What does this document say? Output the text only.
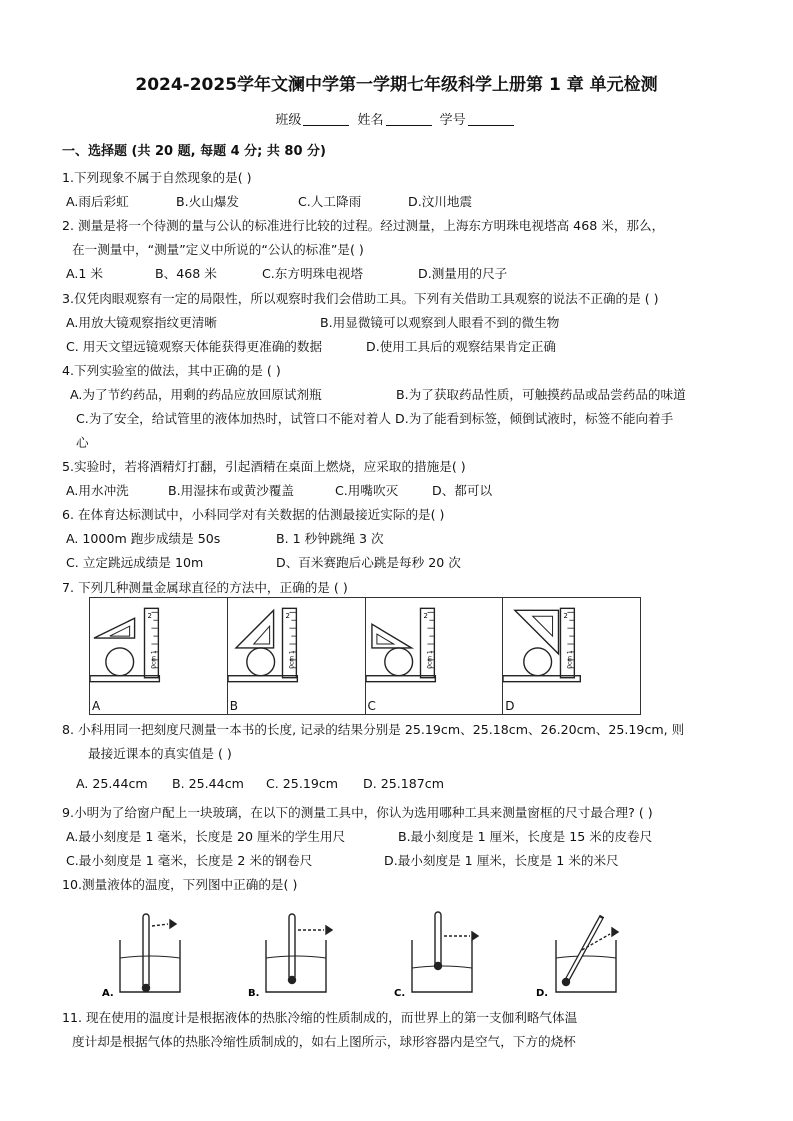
2024-2025学年文澜中学第一学期七年级科学上册第 1 章 单元检测
班级	姓名	学号
一、选择题 (共 20 题, 每题 4 分; 共 80 分)
1.下列现象不属于自然现象的是( )
A.雨后彩虹	B.火山爆发	C.人工降雨	D.汶川地震
2. 测量是将一个待测的量与公认的标准进行比较的过程。经过测量，上海东方明珠电视塔高 468 米，那么，
在一测量中，“测量”定义中所说的“公认的标准”是( )
A.1 米	B、468 米	C.东方明珠电视塔	D.测量用的尺子
3.仅凭肉眼观察有一定的局限性，所以观察时我们会借助工具。下列有关借助工具观察的说法不正确的是 ( )
A.用放大镜观察指纹更清晰	B.用显微镜可以观察到人眼看不到的微生物
C. 用天文望远镜观察天体能获得更准确的数据	D.使用工具后的观察结果肯定正确
4.下列实验室的做法，其中正确的是 ( )
A.为了节约药品，用剩的药品应放回原试剂瓶	B.为了获取药品性质，可触摸药品或品尝药品的味道
C.为了安全，给试管里的液体加热时，试管口不能对着人 D.为了能看到标签，倾倒试液时，标签不能向着手
心
5.实验时，若将酒精灯打翻，引起酒精在桌面上燃烧，应采取的措施是( )
A.用水冲洗	B.用湿抹布或黄沙覆盖	C.用嘴吹灭	D、都可以
6. 在体育达标测试中，小科同学对有关数据的估测最接近实际的是( )
A. 1000m 跑步成绩是 50s	B. 1 秒钟跳绳 3 次
C. 立定跳远成绩是 10m	D、百米赛跑后心跳是每秒 20 次
7. 下列几种测量金属球直径的方法中，正确的是 ( )
2
0cm 1
A

2
0cm 1
B

2
0cm 1
C

2
0cm 1
D
8. 小科用同一把刻度尺测量一本书的长度, 记录的结果分别是 25.19cm、25.18cm、26.20cm、25.19cm, 则
最接近课本的真实值是 ( )
A. 25.44cm B. 25.44cm C. 25.19cm D. 25.187cm
9.小明为了给窗户配上一块玻璃，在以下的测量工具中，你认为选用哪种工具来测量窗框的尺寸最合理? ( )
A.最小刻度是 1 毫米，长度是 20 厘米的学生用尺	B.最小刻度是 1 厘米，长度是 15 米的皮卷尺
C.最小刻度是 1 毫米，长度是 2 米的钢卷尺	D.最小刻度是 1 厘米，长度是 1 米的米尺
10.测量液体的温度，下列图中正确的是( )
A.	B.	C.	D.
11. 现在使用的温度计是根据液体的热胀冷缩的性质制成的，而世界上的第一支伽利略气体温
度计却是根据气体的热胀冷缩性质制成的，如右上图所示，球形容器内是空气，下方的烧杯
